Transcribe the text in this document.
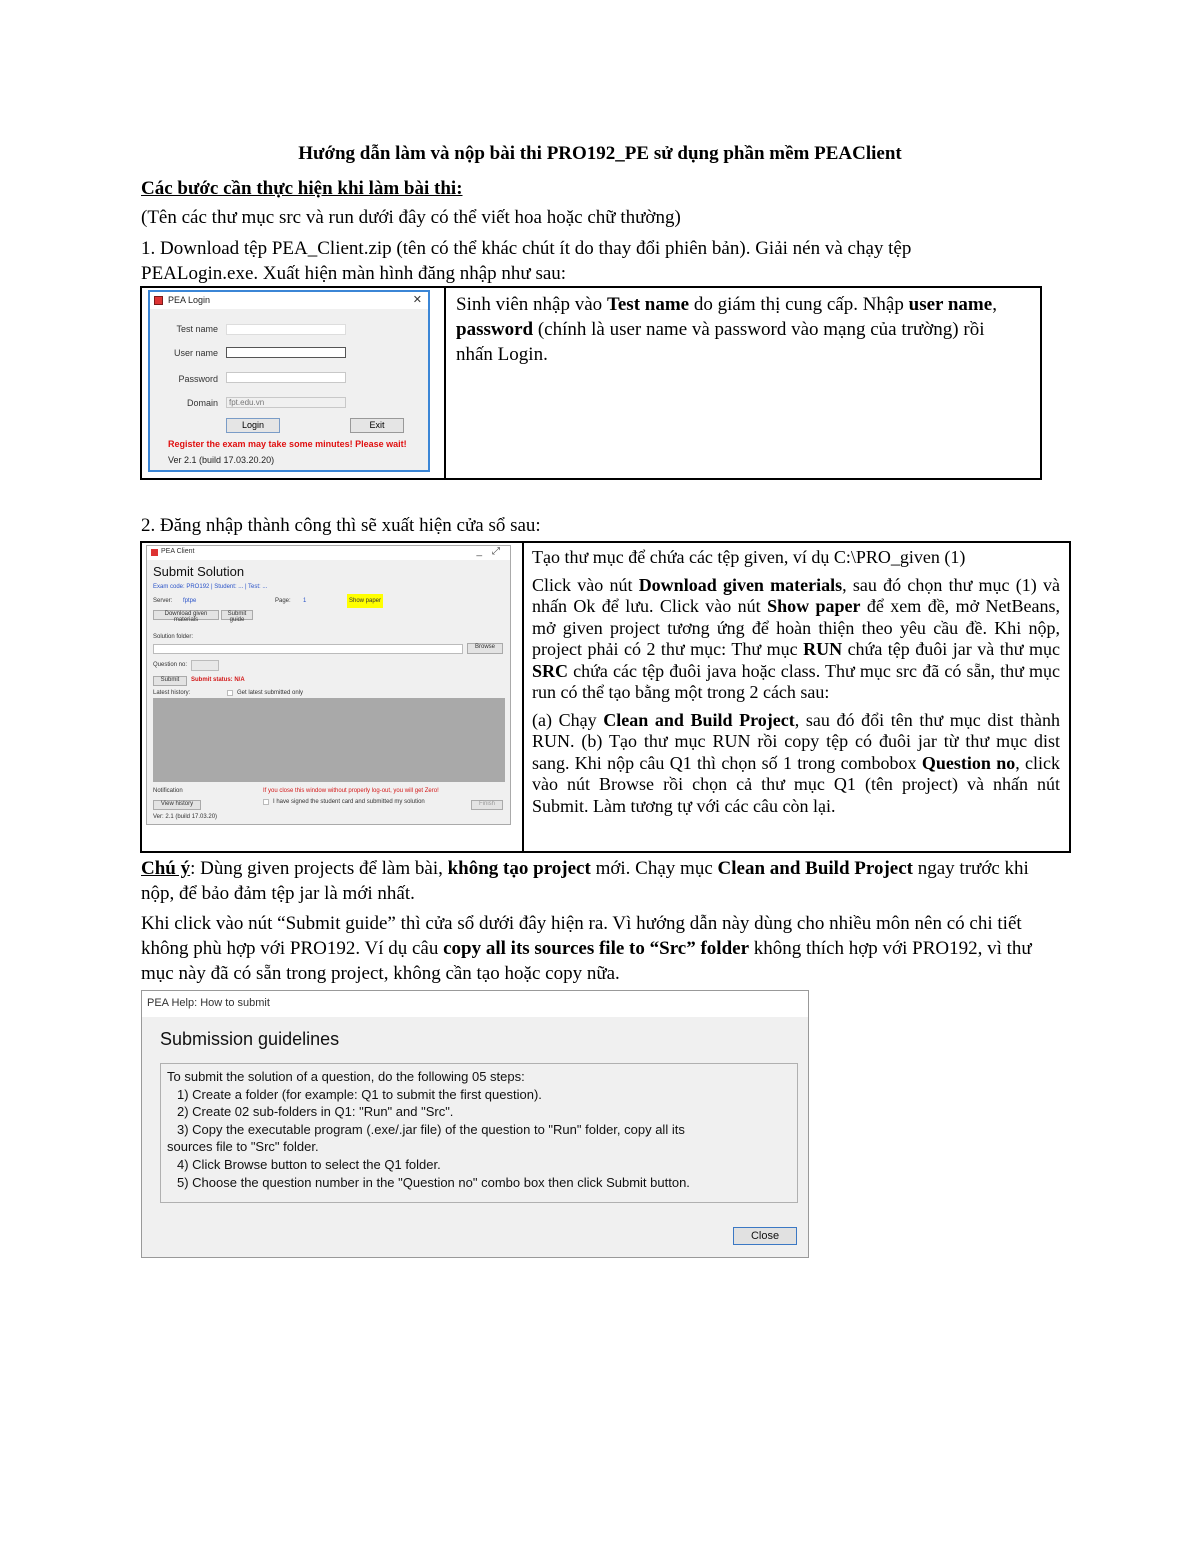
Hướng dẫn làm và nộp bài thi PRO192_PE sử dụng phần mềm PEAClient
Các bước cần thực hiện khi làm bài thi:
(Tên các thư mục src và run dưới đây có thể viết hoa hoặc chữ thường)
1. Download tệp PEA_Client.zip (tên có thể khác chút ít do thay đổi phiên bản). Giải nén và chạy tệp
PEALogin.exe. Xuất hiện màn hình đăng nhập như sau:
PEA Login	✕
Test name
User name
Password
Domain	fpt.edu.vn
Login	Exit
Register the exam may take some minutes! Please wait!
Ver 2.1 (build 17.03.20.20)
Sinh viên nhập vào Test name do giám thị cung cấp. Nhập user name, password (chính là user name và password vào mạng của trường) rồi nhấn Login.
2. Đăng nhập thành công thì sẽ xuất hiện cửa sổ sau:
PEA Client	_ ⤢
Submit Solution
Exam code: PRO192 | Student: ... | Test: ...
Server: fptpe	Page: 1	Show paper
Download given materials
Submit guide
Solution folder:
Browse
Question no:
Submit	Submit status: N/A
Latest history:	Get latest submitted only
Notification	If you close this window without properly log-out, you will get Zero!
I have signed the student card and submitted my solution
View history	Finish
Ver: 2.1 (build 17.03.20)

Tạo thư mục để chứa các tệp given, ví dụ C:\PRO_given (1)

Click vào nút Download given materials, sau đó chọn thư mục (1) và nhấn Ok để lưu. Click vào nút Show paper để xem đề, mở NetBeans, mở given project tương ứng để hoàn thiện theo yêu cầu đề. Khi nộp, project phải có 2 thư mục: Thư mục RUN chứa tệp đuôi jar và thư mục SRC chứa các tệp đuôi java hoặc class. Thư mục src đã có sẵn, thư mục run có thể tạo bằng một trong 2 cách sau:

(a) Chạy Clean and Build Project, sau đó đổi tên thư mục dist thành RUN. (b) Tạo thư mục RUN rồi copy tệp có đuôi jar từ thư mục dist sang. Khi nộp câu Q1 thì chọn số 1 trong combobox Question no, click vào nút Browse rồi chọn cả thư mục Q1 (tên project) và nhấn nút Submit. Làm tương tự với các câu còn lại.

Chú ý: Dùng given projects để làm bài, không tạo project mới. Chạy mục Clean and Build Project ngay trước khi nộp, để bảo đảm tệp jar là mới nhất.
Khi click vào nút “Submit guide” thì cửa sổ dưới đây hiện ra. Vì hướng dẫn này dùng cho nhiều môn nên có chi tiết không phù hợp với PRO192. Ví dụ câu copy all its sources file to “Src” folder không thích hợp với PRO192, vì thư mục này đã có sẵn trong project, không cần tạo hoặc copy nữa.
PEA Help: How to submit
Submission guidelines
To submit the solution of a question, do the following 05 steps:
1) Create a folder (for example: Q1 to submit the first question).
2) Create 02 sub-folders in Q1: "Run" and "Src".
3) Copy the executable program (.exe/.jar file) of the question to "Run" folder, copy all its
sources file to "Src" folder.
4) Click Browse button to select the Q1 folder.
5) Choose the question number in the "Question no" combo box then click Submit button.
Close
